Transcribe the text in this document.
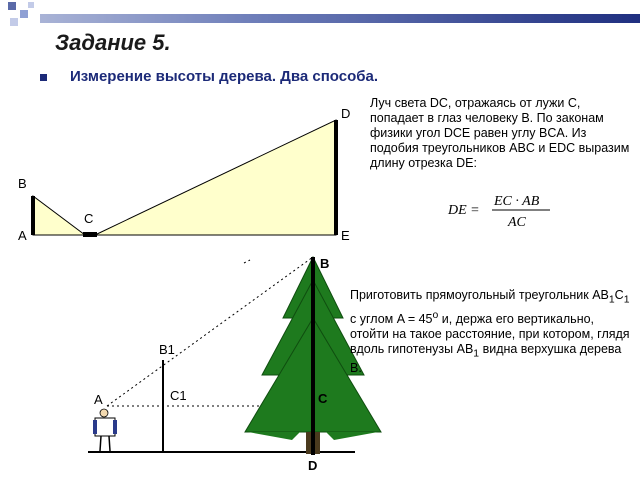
Задание 5.
Измерение высоты дерева. Два способа.
B
A
C
D
E
DE =
EC · AB
AC
A
B1
C1
B
C
D
Луч света DC, отражаясь от лужи C, попадает в глаз человеку B. По законам физики угол DCE равен углу BCA. Из подобия треугольников ABC и EDC выразим длину отрезка DE:
Приготовить прямоугольный треугольник $AB_1C_1$ с углом $A = 45^о$ и, держа его вертикально, отойти на такое расстояние, при котором, глядя вдоль гипотенузы $AB_1$ видна верхушка дерева B.
